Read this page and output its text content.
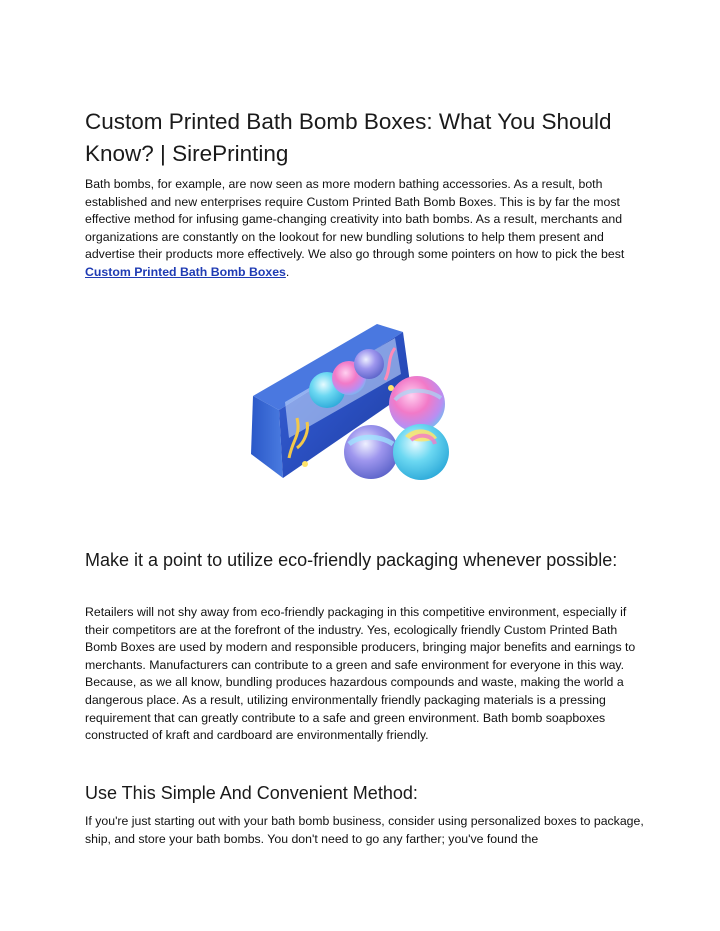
Custom Printed Bath Bomb Boxes: What You Should Know? | SirePrinting

Bath bombs, for example, are now seen as more modern bathing accessories. As a result, both established and new enterprises require Custom Printed Bath Bomb Boxes. This is by far the most effective method for infusing game-changing creativity into bath bombs. As a result, merchants and organizations are constantly on the lookout for new bundling solutions to help them present and advertise their products more effectively. We also go through some pointers on how to pick the best Custom Printed Bath Bomb Boxes.

Make it a point to utilize eco-friendly packaging whenever possible:

Retailers will not shy away from eco-friendly packaging in this competitive environment, especially if their competitors are at the forefront of the industry. Yes, ecologically friendly Custom Printed Bath Bomb Boxes are used by modern and responsible producers, bringing major benefits and earnings to merchants. Manufacturers can contribute to a green and safe environment for everyone in this way. Because, as we all know, bundling produces hazardous compounds and waste, making the world a dangerous place. As a result, utilizing environmentally friendly packaging materials is a pressing requirement that can greatly contribute to a safe and green environment. Bath bomb soapboxes constructed of kraft and cardboard are environmentally friendly.

Use This Simple And Convenient Method:

If you're just starting out with your bath bomb business, consider using personalized boxes to package, ship, and store your bath bombs. You don't need to go any farther; you've found the
